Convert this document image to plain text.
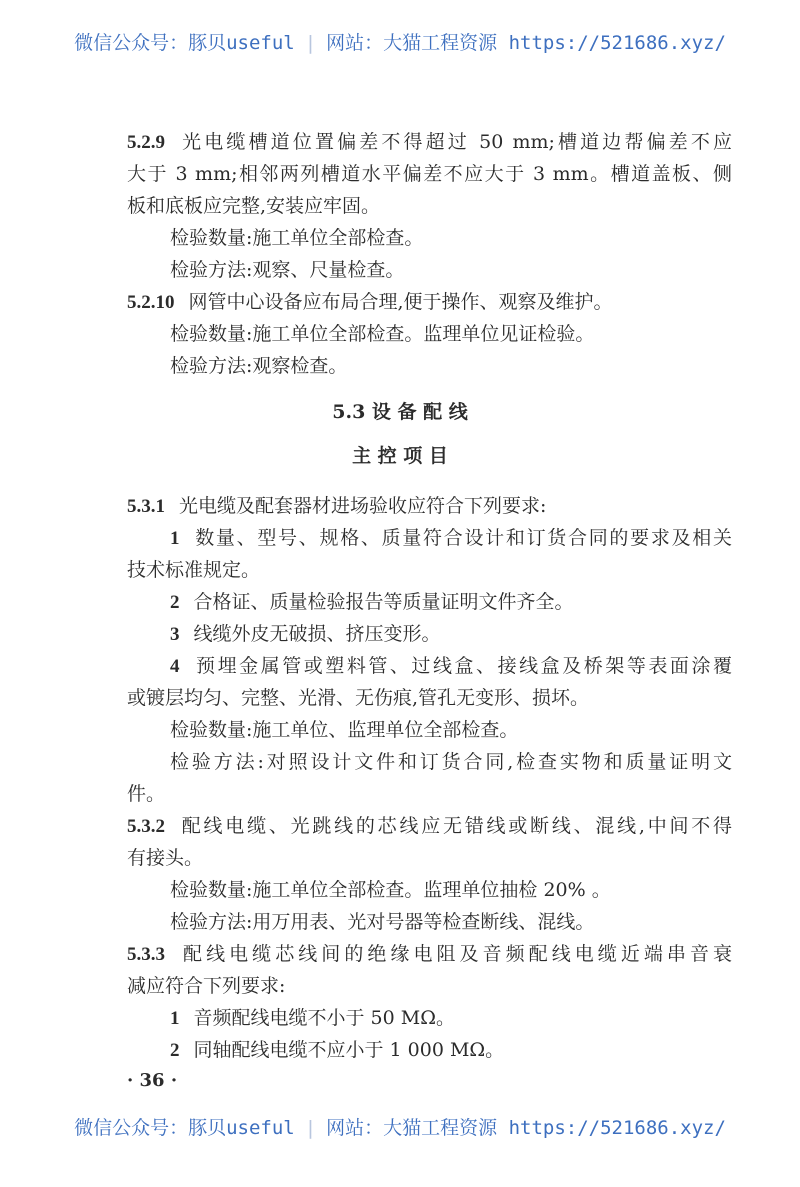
微信公众号：豚贝useful | 网站：大猫工程资源 https://521686.xyz/
5.2.9 光电缆槽道位置偏差不得超过 50 mm;槽道边帮偏差不应
大于 3 mm;相邻两列槽道水平偏差不应大于 3 mm。槽道盖板、侧
板和底板应完整,安装应牢固。
检验数量:施工单位全部检查。
检验方法:观察、尺量检查。
5.2.10 网管中心设备应布局合理,便于操作、观察及维护。
检验数量:施工单位全部检查。监理单位见证检验。
检验方法:观察检查。
5.3.1 光电缆及配套器材进场验收应符合下列要求:
1 数量、型号、规格、质量符合设计和订货合同的要求及相关
技术标准规定。
2 合格证、质量检验报告等质量证明文件齐全。
3 线缆外皮无破损、挤压变形。
4 预埋金属管或塑料管、过线盒、接线盒及桥架等表面涂覆
或镀层均匀、完整、光滑、无伤痕,管孔无变形、损坏。
检验数量:施工单位、监理单位全部检查。
检验方法:对照设计文件和订货合同,检查实物和质量证明文
件。
5.3.2 配线电缆、光跳线的芯线应无错线或断线、混线,中间不得
有接头。
检验数量:施工单位全部检查。监理单位抽检 20% 。
检验方法:用万用表、光对号器等检查断线、混线。
5.3.3 配线电缆芯线间的绝缘电阻及音频配线电缆近端串音衰
减应符合下列要求:
1 音频配线电缆不小于 50 MΩ。
2 同轴配线电缆不应小于 1 000 MΩ。
5.3 设 备 配 线
主 控 项 目
· 36 ·
微信公众号：豚贝useful | 网站：大猫工程资源 https://521686.xyz/
